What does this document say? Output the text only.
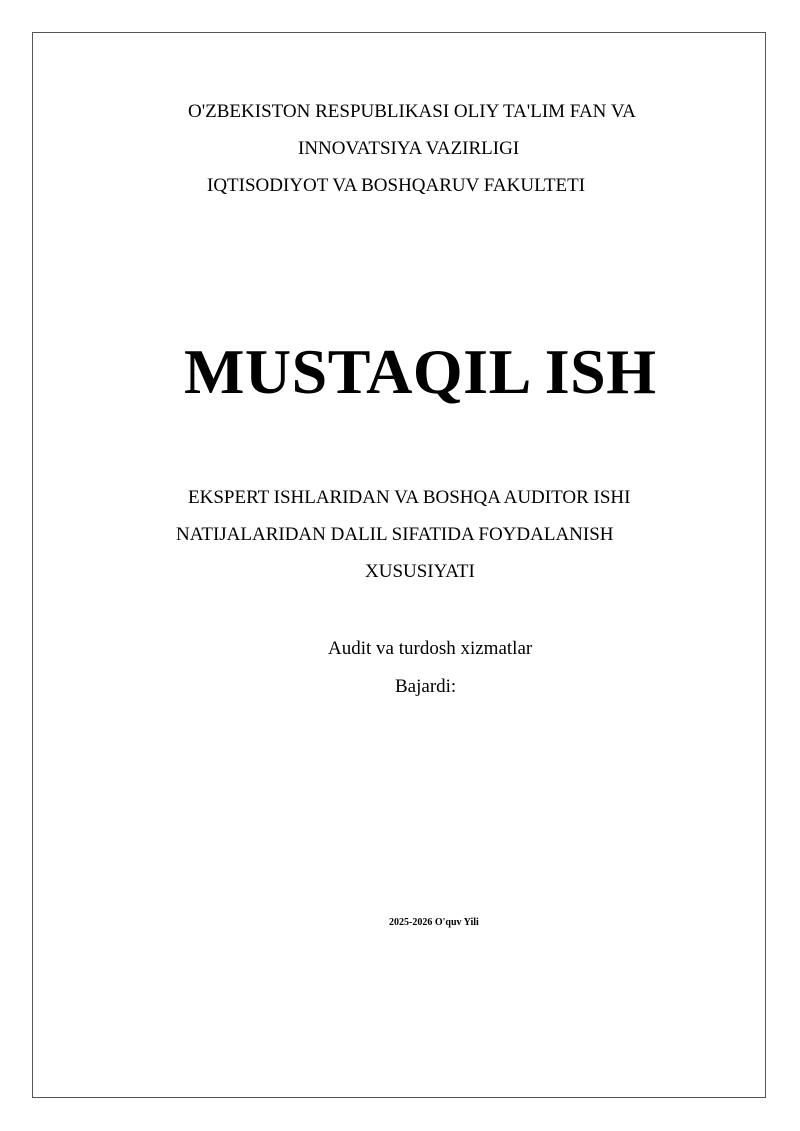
O'ZBEKISTON RESPUBLIKASI OLIY TA'LIM FAN VA
INNOVATSIYA VAZIRLIGI
IQTISODIYOT VA BOSHQARUV FAKULTETI
MUSTAQIL ISH
EKSPERT ISHLARIDAN VA BOSHQA AUDITOR ISHI
NATIJALARIDAN DALIL SIFATIDA FOYDALANISH
XUSUSIYATI
Audit va turdosh xizmatlar
Bajardi:
2025-2026 O'quv Yili
